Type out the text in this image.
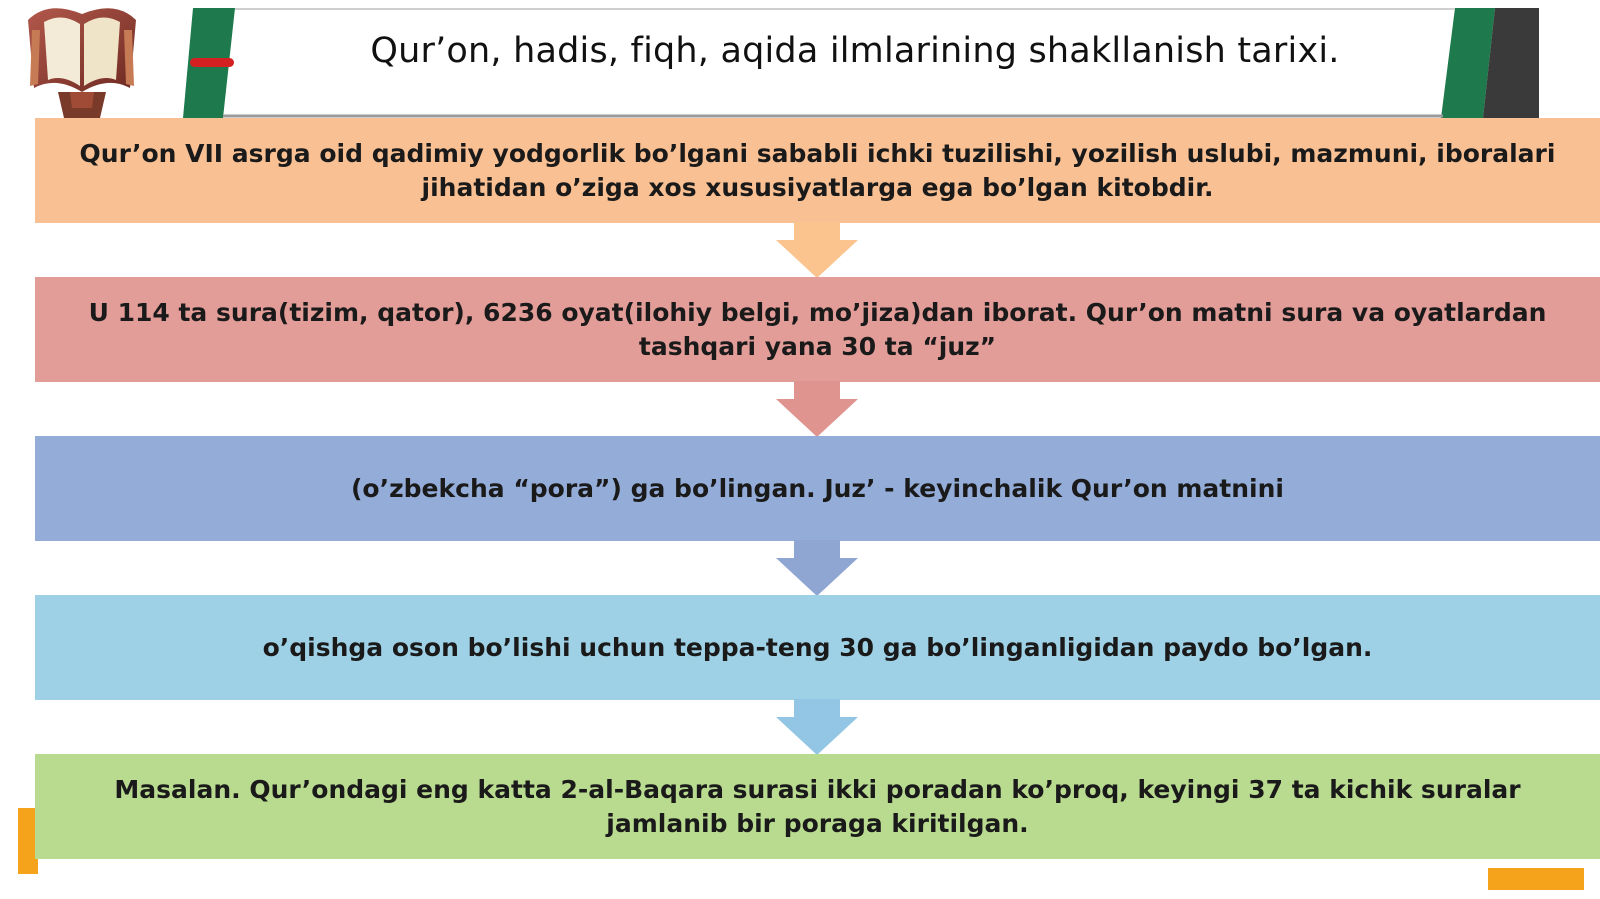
Qur’on, hadis, fiqh, aqida ilmlarining shakllanish tarixi.
Qur’on VII asrga oid qadimiy yodgorlik bo’lgani sababli ichki tuzilishi, yozilish uslubi, mazmuni, iboralari jihatidan o’ziga xos xususiyatlarga ega bo’lgan kitobdir.
U 114 ta sura(tizim, qator), 6236 oyat(ilohiy belgi, mo’jiza)dan iborat. Qur’on matni sura va oyatlardan tashqari yana 30 ta “juz”
(o’zbekcha “pora”) ga bo’lingan. Juz’ - keyinchalik Qur’on matnini
o’qishga oson bo’lishi uchun teppa-teng 30 ga bo’linganligidan paydo bo’lgan.
Masalan. Qur’ondagi eng katta 2-al-Baqara surasi ikki poradan ko’proq, keyingi 37 ta kichik suralar jamlanib bir poraga kiritilgan.
